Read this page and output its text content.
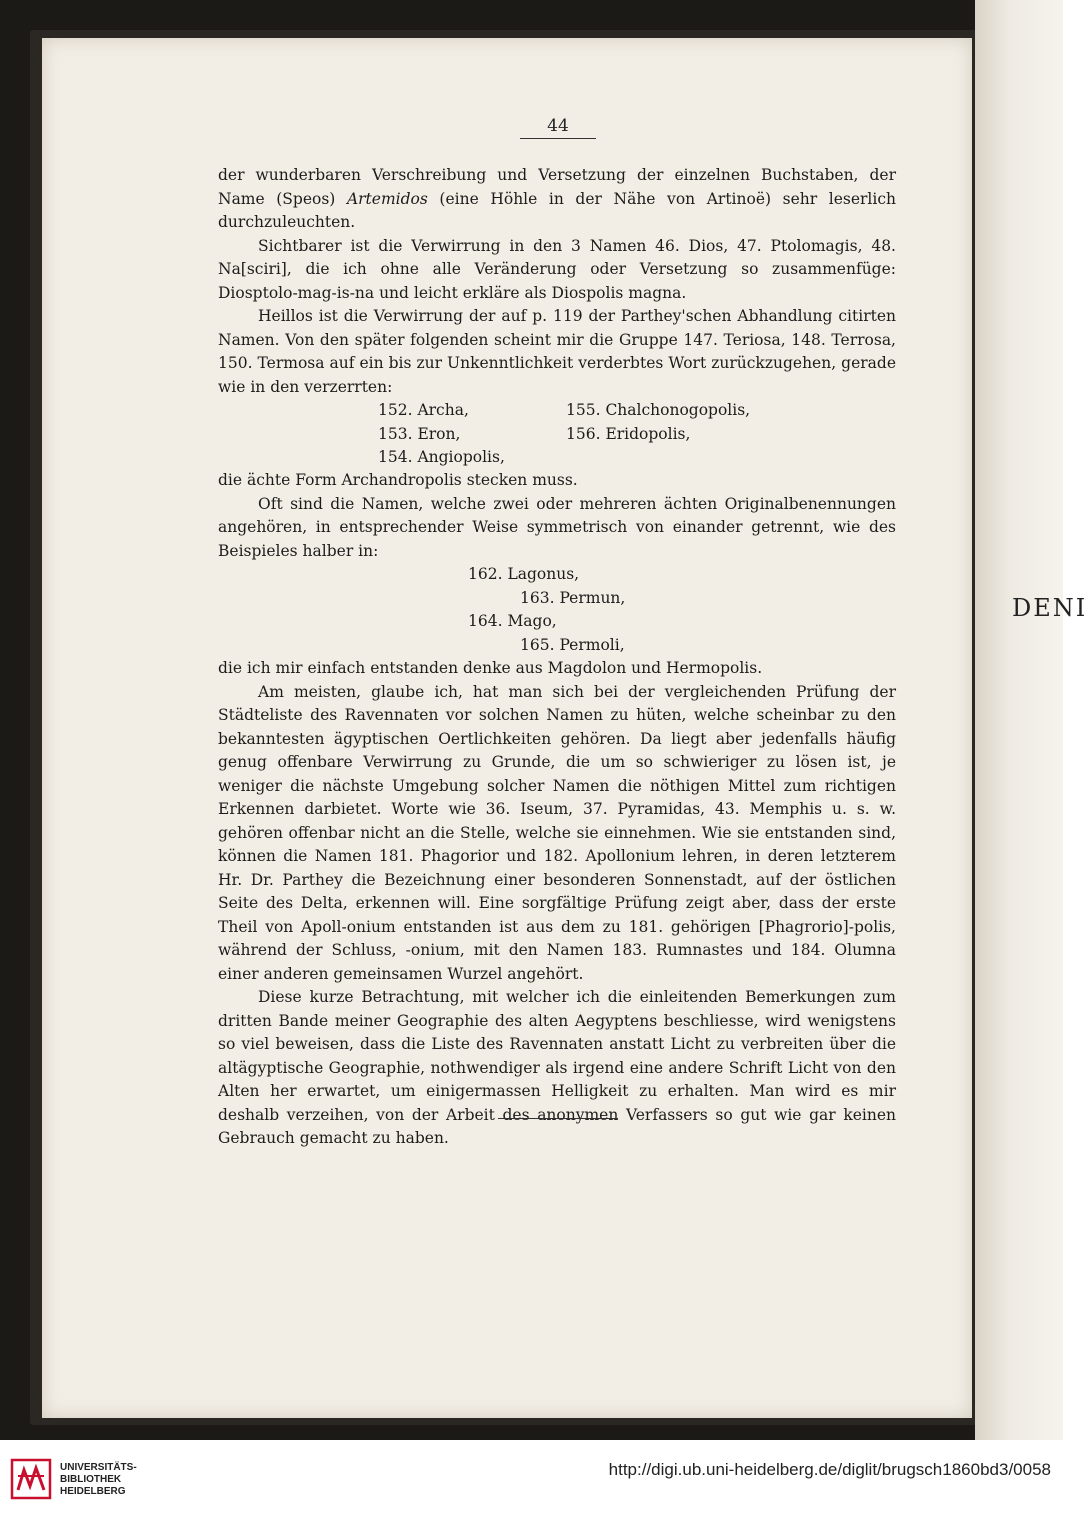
DENI
44

der wunderbaren Verschreibung und Versetzung der einzelnen Buchstaben, der Name (Speos) Artemidos (eine Höhle in der Nähe von Artinoë) sehr leserlich durchzuleuchten.

Sichtbarer ist die Verwirrung in den 3 Namen 46. Dios, 47. Ptolomagis, 48. Na[sciri], die ich ohne alle Veränderung oder Versetzung so zusammenfüge: Diosptolo-mag-is-na und leicht erkläre als Diospolis magna.

Heillos ist die Verwirrung der auf p. 119 der Parthey'schen Abhandlung citirten Namen. Von den später folgenden scheint mir die Gruppe 147. Teriosa, 148. Terrosa, 150. Termosa auf ein bis zur Unkenntlichkeit verderbtes Wort zurückzugehen, gerade wie in den verzerrten:

152. Archa,	155. Chalchonogopolis,
153. Eron,	156. Eridopolis,
154. Angiopolis,

die ächte Form Archandropolis stecken muss.

Oft sind die Namen, welche zwei oder mehreren ächten Originalbenennungen angehören, in entsprechender Weise symmetrisch von einander getrennt, wie des Beispieles halber in:

162. Lagonus,
163. Permun,
164. Mago,
165. Permoli,

die ich mir einfach entstanden denke aus Magdolon und Hermopolis.

Am meisten, glaube ich, hat man sich bei der vergleichenden Prüfung der Städteliste des Ravennaten vor solchen Namen zu hüten, welche scheinbar zu den bekanntesten ägyptischen Oertlichkeiten gehören. Da liegt aber jedenfalls häufig genug offenbare Verwirrung zu Grunde, die um so schwieriger zu lösen ist, je weniger die nächste Umgebung solcher Namen die nöthigen Mittel zum richtigen Erkennen darbietet. Worte wie 36. Iseum, 37. Pyramidas, 43. Memphis u. s. w. gehören offenbar nicht an die Stelle, welche sie einnehmen. Wie sie entstanden sind, können die Namen 181. Phagorior und 182. Apollonium lehren, in deren letzterem Hr. Dr. Parthey die Bezeichnung einer besonderen Sonnenstadt, auf der östlichen Seite des Delta, erkennen will. Eine sorgfältige Prüfung zeigt aber, dass der erste Theil von Apoll-onium entstanden ist aus dem zu 181. gehörigen [Phagrorio]-polis, während der Schluss, -onium, mit den Namen 183. Rumnastes und 184. Olumna einer anderen gemeinsamen Wurzel angehört.

Diese kurze Betrachtung, mit welcher ich die einleitenden Bemerkungen zum dritten Bande meiner Geographie des alten Aegyptens beschliesse, wird wenigstens so viel beweisen, dass die Liste des Ravennaten anstatt Licht zu verbreiten über die altägyptische Geographie, nothwendiger als irgend eine andere Schrift Licht von den Alten her erwartet, um einigermassen Helligkeit zu erhalten. Man wird es mir deshalb verzeihen, von der Arbeit des anonymen Verfassers so gut wie gar keinen Gebrauch gemacht zu haben.

UNIVERSITÄTS-
BIBLIOTHEK
HEIDELBERG
http://digi.ub.uni-heidelberg.de/diglit/brugsch1860bd3/0058
